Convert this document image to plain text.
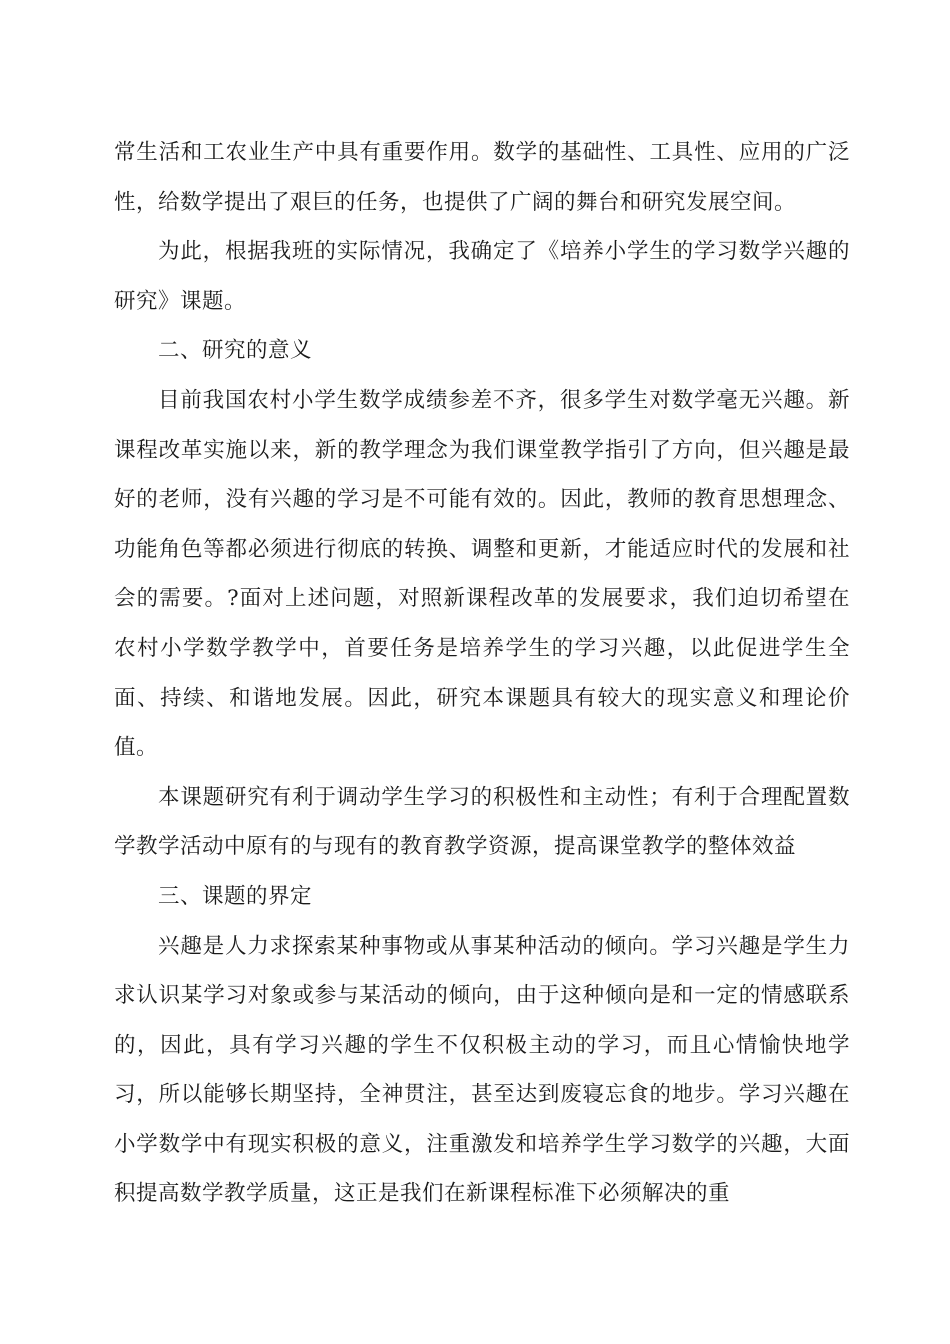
常生活和工农业生产中具有重要作用。数学的基础性、工具性、应用的广泛性，给数学提出了艰巨的任务，也提供了广阔的舞台和研究发展空间。

为此，根据我班的实际情况，我确定了《培养小学生的学习数学兴趣的研究》课题。

二、研究的意义

目前我国农村小学生数学成绩参差不齐，很多学生对数学毫无兴趣。新课程改革实施以来，新的教学理念为我们课堂教学指引了方向，但兴趣是最好的老师，没有兴趣的学习是不可能有效的。因此，教师的教育思想理念、功能角色等都必须进行彻底的转换、调整和更新，才能适应时代的发展和社会的需要。?面对上述问题，对照新课程改革的发展要求，我们迫切希望在农村小学数学教学中，首要任务是培养学生的学习兴趣，以此促进学生全面、持续、和谐地发展。因此，研究本课题具有较大的现实意义和理论价值。

本课题研究有利于调动学生学习的积极性和主动性；有利于合理配置数学教学活动中原有的与现有的教育教学资源，提高课堂教学的整体效益

三、课题的界定

兴趣是人力求探索某种事物或从事某种活动的倾向。学习兴趣是学生力求认识某学习对象或参与某活动的倾向，由于这种倾向是和一定的情感联系的，因此，具有学习兴趣的学生不仅积极主动的学习，而且心情愉快地学习，所以能够长期坚持，全神贯注，甚至达到废寝忘食的地步。学习兴趣在小学数学中有现实积极的意义，注重激发和培养学生学习数学的兴趣，大面积提高数学教学质量，这正是我们在新课程标准下必须解决的重
